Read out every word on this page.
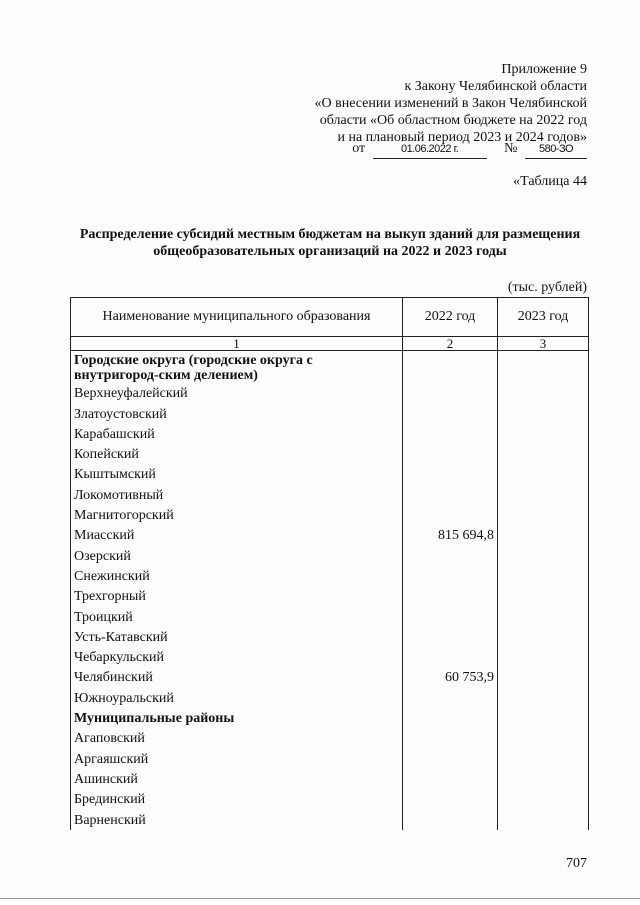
Приложение 9
к Закону Челябинской области
«О внесении изменений в Закон Челябинской
области «Об областном бюджете на 2022 год
и на плановый период 2023 и 2024 годов»
от	01.06.2022 г.	№ 580-ЗО
«Таблица 44
Распределение субсидий местным бюджетам на выкуп зданий для размещения общеобразовательных организаций на 2022 и 2023 годы
(тыс. рублей)
Наименование муниципального образования	2022 год	2023 год
1	2	3
Городские округа (городские округа с внутригород-ским делением)		
Верхнеуфалейский		
Златоустовский		
Карабашский		
Копейский		
Кыштымский		
Локомотивный		
Магнитогорский		
Миасский	815 694,8	
Озерский		
Снежинский		
Трехгорный		
Троицкий		
Усть-Катавский		
Чебаркульский		
Челябинский	60 753,9	
Южноуральский		
Муниципальные районы		
Агаповский		
Аргаяшский		
Ашинский		
Брединский		
Варненский		
707
